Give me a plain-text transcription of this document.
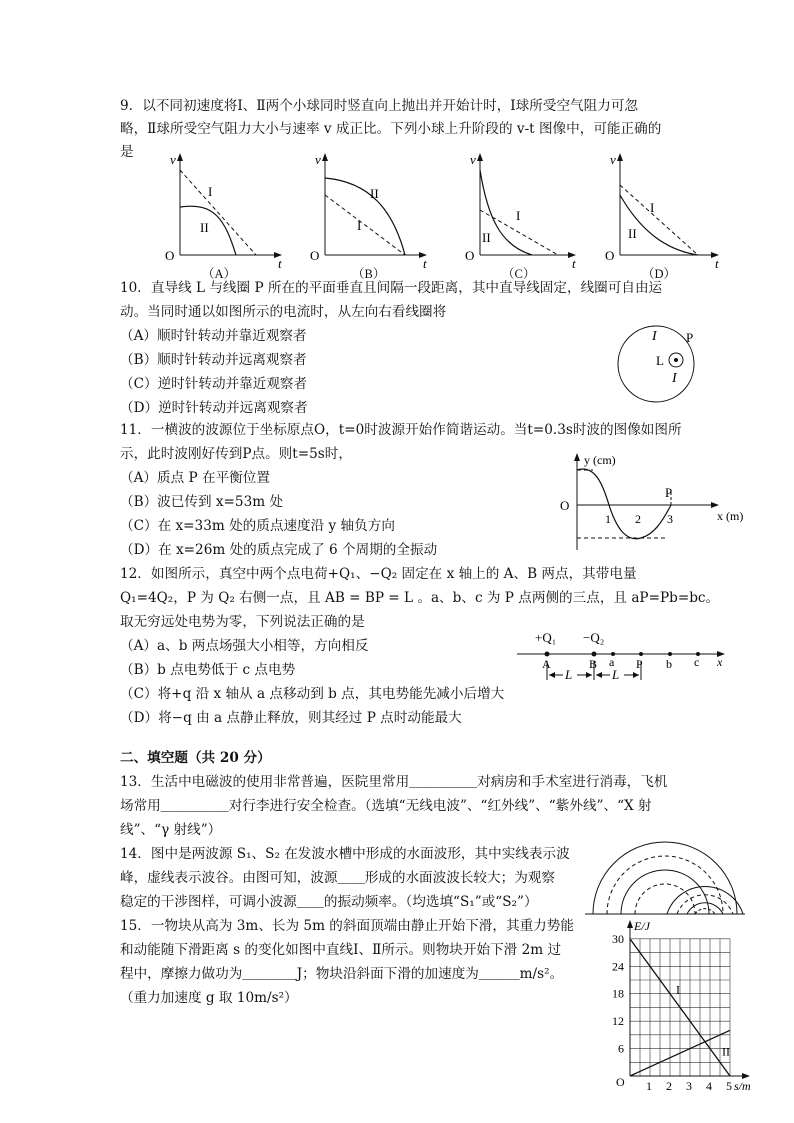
9．以不同初速度将Ⅰ、Ⅱ两个小球同时竖直向上抛出并开始计时，Ⅰ球所受空气阻力可忽
略，Ⅱ球所受空气阻力大小与速率 v 成正比。下列小球上升阶段的 v-t 图像中，可能正确的
是	v
t
O
I
II
（A）
v
t
O
II
I
（B）
v
t
O
I
II
（C）
v
t
O
I
II
（D）
10．直导线 L 与线圈 P 所在的平面垂直且间隔一段距离，其中直导线固定，线圈可自由运
动。当同时通以如图所示的电流时，从左向右看线圈将
（A）顺时针转动并靠近观察者
（B）顺时针转动并远离观察者
（C）逆时针转动并靠近观察者
（D）逆时针转动并远离观察者
I P
L
I
11．一横波的波源位于坐标原点O，t=0时波源开始作简谐运动。当t=0.3s时波的图像如图所
示，此时波刚好传到P点。则t=5s时，
（A）质点 P 在平衡位置
（B）波已传到 x=53m 处
（C）在 x=33m 处的质点速度沿 y 轴负方向
（D）在 x=26m 处的质点完成了 6 个周期的全振动
y (cm)
x (m)
O
P
1 2 3
12．如图所示，真空中两个点电荷+Q₁、−Q₂ 固定在 x 轴上的 A、B 两点，其带电量
Q₁=4Q₂，P 为 Q₂ 右侧一点，且 AB = BP = L 。a、b、c 为 P 点两侧的三点，且 aP=Pb=bc。
取无穷远处电势为零，下列说法正确的是
（A）a、b 两点场强大小相等，方向相反
（B）b 点电势低于 c 点电势
（C）将+q 沿 x 轴从 a 点移动到 b 点，其电势能先减小后增大
（D）将−q 由 a 点静止释放，则其经过 P 点时动能最大
+Q₁ −Q₂
A	B a P b c x
L	L
二、填空题（共 20 分）
13．生活中电磁波的使用非常普遍，医院里常用＿＿＿＿＿对病房和手术室进行消毒，飞机
场常用＿＿＿＿＿对行李进行安全检查。（选填“无线电波”、“红外线”、“紫外线”、“X 射
线”、“γ 射线”）
14．图中是两波源 S₁、S₂ 在发波水槽中形成的水面波形，其中实线表示波
峰，虚线表示波谷。由图可知，波源＿＿形成的水面波波长较大；为观察
稳定的干涉图样，可调小波源＿＿的振动频率。（均选填“S₁”或“S₂”）
15．一物块从高为 3m、长为 5m 的斜面顶端由静止开始下滑，其重力势能
和动能随下滑距离 s 的变化如图中直线Ⅰ、Ⅱ所示。则物块开始下滑 2m 过
程中，摩擦力做功为＿＿＿＿J；物块沿斜面下滑的加速度为＿＿＿m/s²。
（重力加速度 g 取 10m/s²）
1 2 3 4 5
6
12
18
24
30
O
E/J
s/m
I
II
